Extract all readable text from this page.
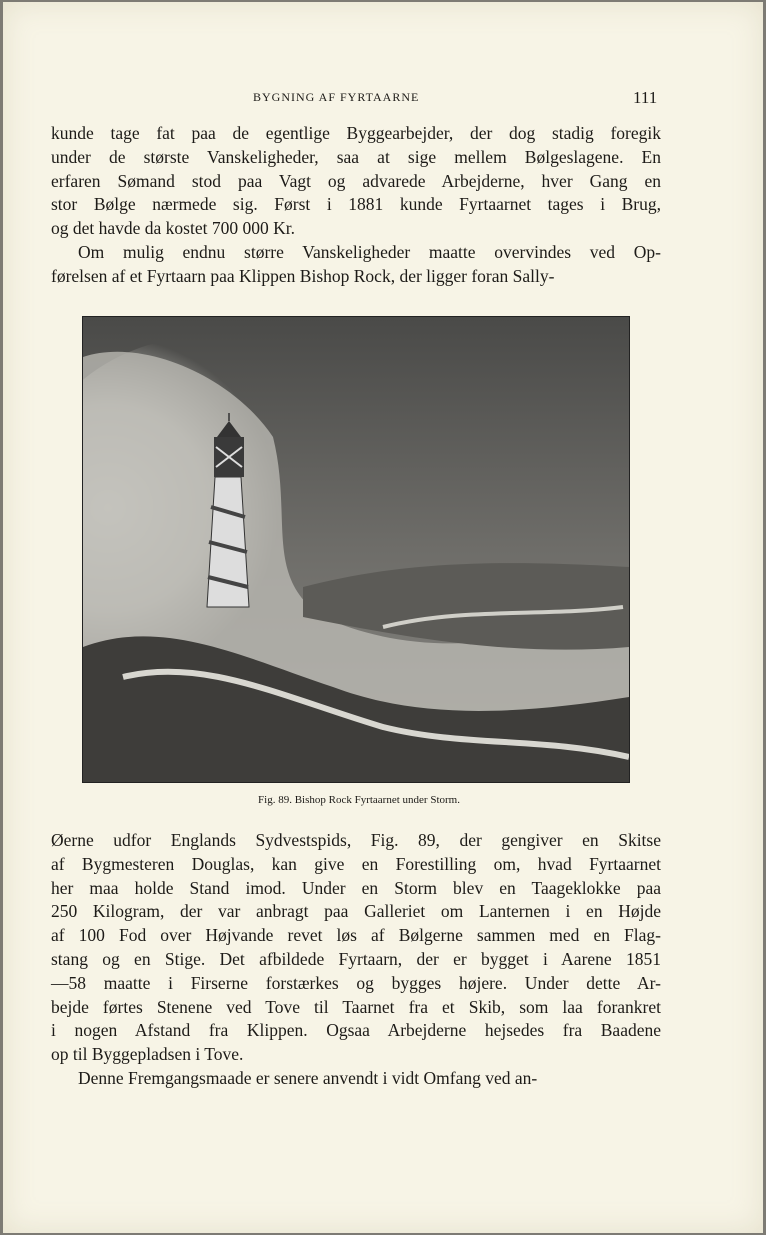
BYGNING AF FYRTAARNE	111
kunde tage fat paa de egentlige Byggearbejder, der dog stadig foregik
under de største Vanskeligheder, saa at sige mellem Bølgeslagene. En
erfaren Sømand stod paa Vagt og advarede Arbejderne, hver Gang en
stor Bølge nærmede sig. Først i 1881 kunde Fyrtaarnet tages i Brug,
og det havde da kostet 700 000 Kr.
Om mulig endnu større Vanskeligheder maatte overvindes ved Op-
førelsen af et Fyrtaarn paa Klippen Bishop Rock, der ligger foran Sally-
Fig. 89. Bishop Rock Fyrtaarnet under Storm.
Øerne udfor Englands Sydvestspids, Fig. 89, der gengiver en Skitse
af Bygmesteren Douglas, kan give en Forestilling om, hvad Fyrtaarnet
her maa holde Stand imod. Under en Storm blev en Taageklokke paa
250 Kilogram, der var anbragt paa Galleriet om Lanternen i en Højde
af 100 Fod over Højvande revet løs af Bølgerne sammen med en Flag-
stang og en Stige. Det afbildede Fyrtaarn, der er bygget i Aarene 1851
—58 maatte i Firserne forstærkes og bygges højere. Under dette Ar-
bejde førtes Stenene ved Tove til Taarnet fra et Skib, som laa forankret
i nogen Afstand fra Klippen. Ogsaa Arbejderne hejsedes fra Baadene
op til Byggepladsen i Tove.
Denne Fremgangsmaade er senere anvendt i vidt Omfang ved an-
